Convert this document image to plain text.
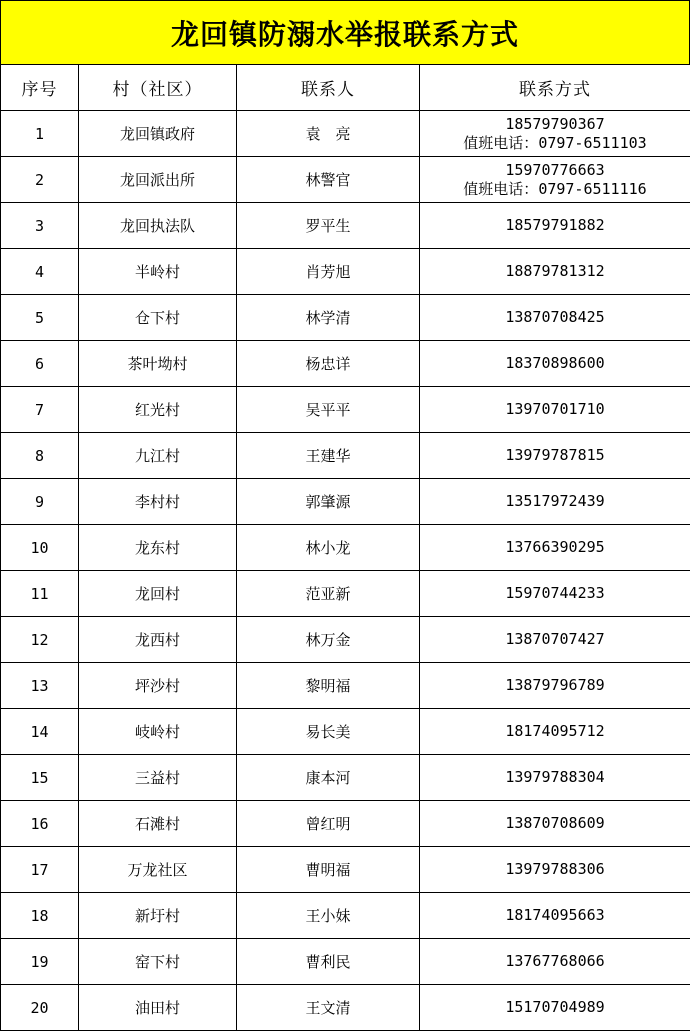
龙回镇防溺水举报联系方式
序号	村（社区）	联系人	联系方式
1	龙回镇政府	袁　亮	18579790367
值班电话：0797-6511103

2	龙回派出所	林警官	15970776663
值班电话：0797-6511116

3	龙回执法队	罗平生	18579791882

4	半岭村	肖芳旭	18879781312

5	仓下村	林学清	13870708425

6	茶叶坳村	杨忠详	18370898600

7	红光村	吴平平	13970701710

8	九江村	王建华	13979787815

9	李村村	郭肇源	13517972439

10	龙东村	林小龙	13766390295

11	龙回村	范亚新	15970744233

12	龙西村	林万金	13870707427

13	坪沙村	黎明福	13879796789

14	岐岭村	易长美	18174095712

15	三益村	康本河	13979788304

16	石滩村	曾红明	13870708609

17	万龙社区	曹明福	13979788306

18	新圩村	王小妹	18174095663

19	窑下村	曹利民	13767768066

20	油田村	王文清	15170704989
